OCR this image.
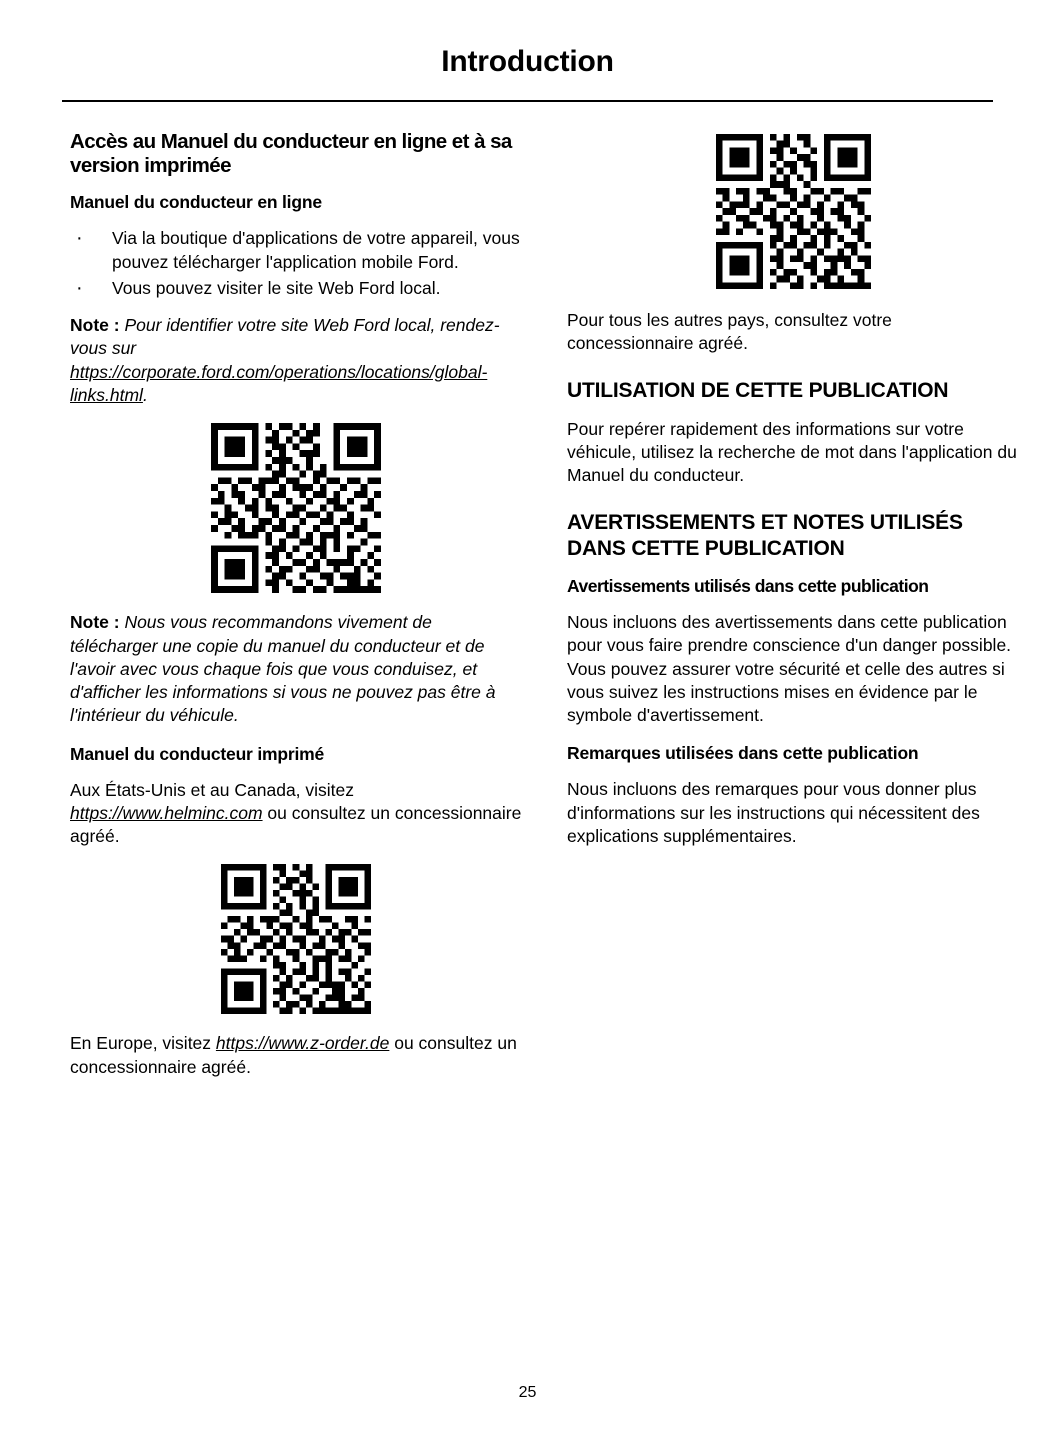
Introduction
Accès au Manuel du conducteur en ligne et à sa version imprimée
Manuel du conducteur en ligne
· Via la boutique d'applications de votre appareil, vous pouvez télécharger l'application mobile Ford.
· Vous pouvez visiter le site Web Ford local.

Note : Pour identifier votre site Web Ford local, rendez-vous sur https://corporate.ford.com/operations/locations/global-links.html.

Note : Nous vous recommandons vivement de télécharger une copie du manuel du conducteur et de l'avoir avec vous chaque fois que vous conduisez, et d'afficher les informations si vous ne pouvez pas être à l'intérieur du véhicule.

Manuel du conducteur imprimé

Aux États-Unis et au Canada, visitez https://www.helminc.com ou consultez un concessionnaire agréé.

En Europe, visitez https://www.z-order.de ou consultez un concessionnaire agréé.

Pour tous les autres pays, consultez votre concessionnaire agréé.

UTILISATION DE CETTE PUBLICATION

Pour repérer rapidement des informations sur votre véhicule, utilisez la recherche de mot dans l'application du Manuel du conducteur.

AVERTISSEMENTS ET NOTES UTILISÉS DANS CETTE PUBLICATION
Avertissements utilisés dans cette publication

Nous incluons des avertissements dans cette publication pour vous faire prendre conscience d'un danger possible. Vous pouvez assurer votre sécurité et celle des autres si vous suivez les instructions mises en évidence par le symbole d'avertissement.

Remarques utilisées dans cette publication

Nous incluons des remarques pour vous donner plus d'informations sur les instructions qui nécessitent des explications supplémentaires.

25
